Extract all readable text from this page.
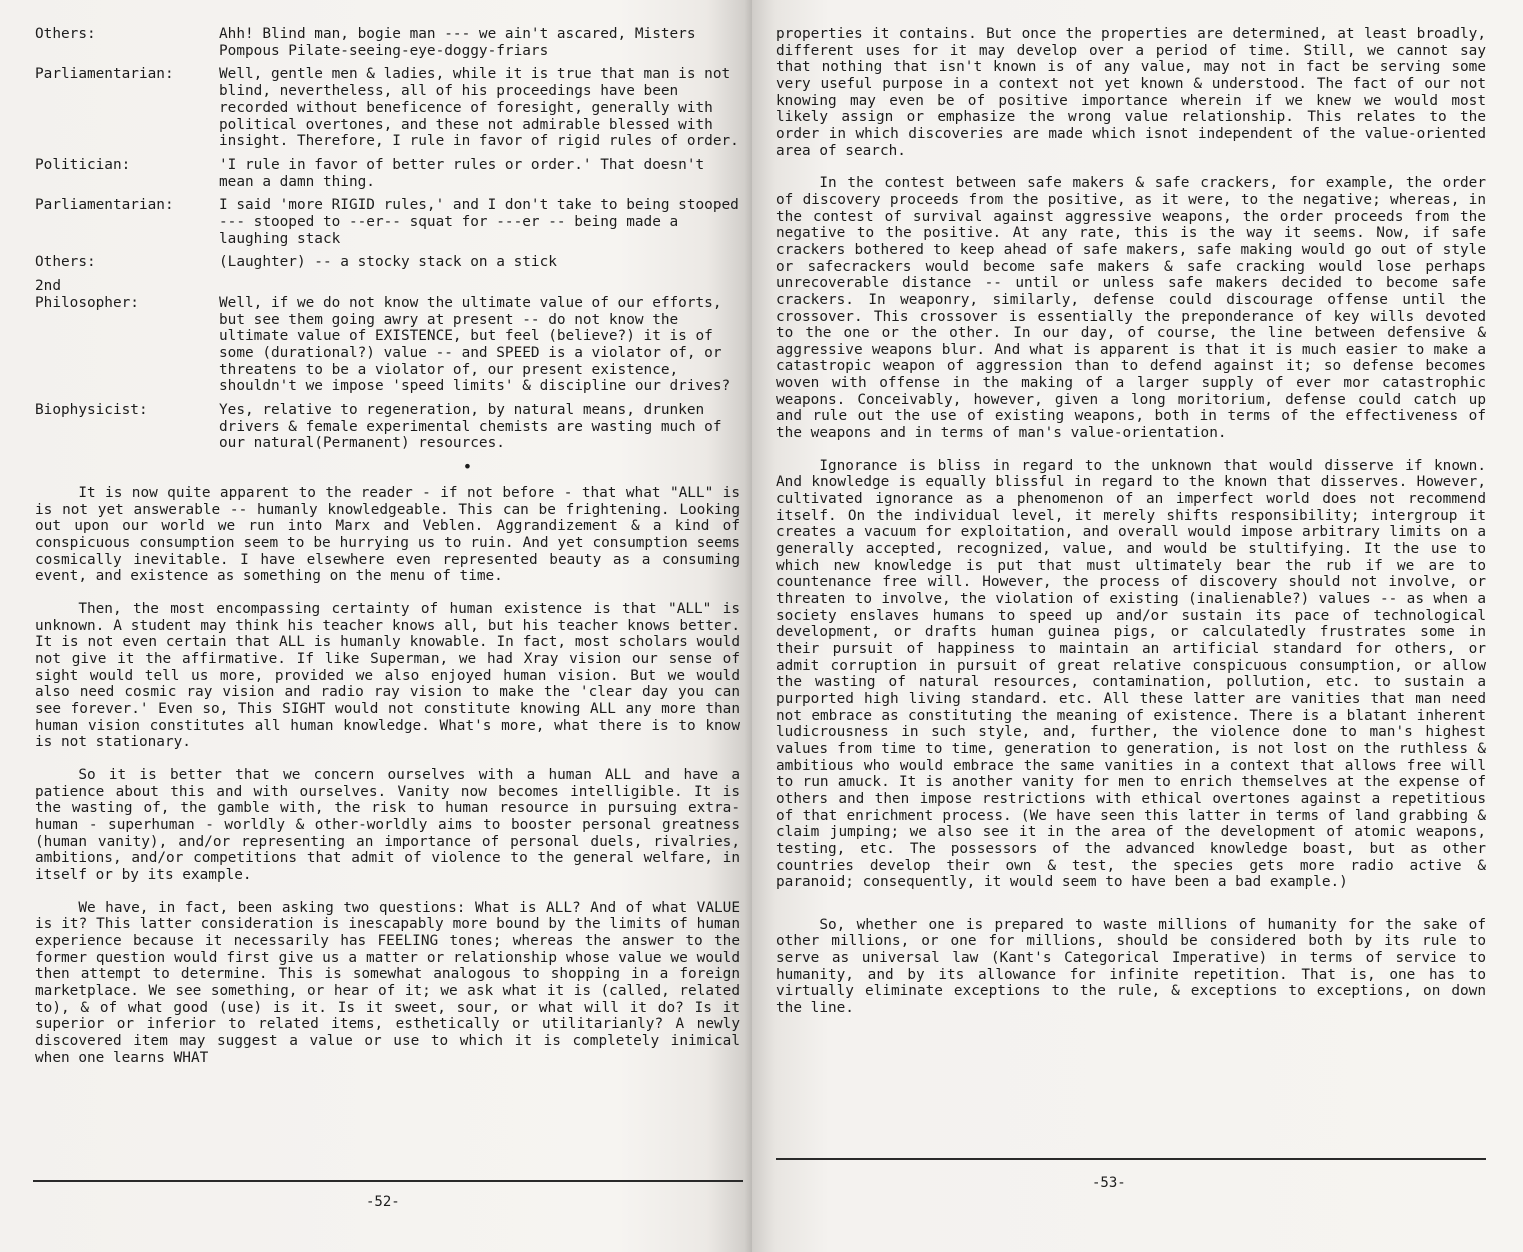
Others:	Ahh! Blind man, bogie man --- we ain't ascared, Misters Pompous Pilate-seeing-eye-doggy-friars
Parliamentarian:	Well, gentle men & ladies, while it is true that man is not blind, nevertheless, all of his proceedings have been recorded without beneficence of foresight, generally with political overtones, and these not admirable blessed with insight. Therefore, I rule in favor of rigid rules of order.
Politician:	'I rule in favor of better rules or order.' That doesn't mean a damn thing.
Parliamentarian:	I said 'more RIGID rules,' and I don't take to being stooped --- stooped to --er-- squat for ---er -- being made a laughing stack
Others:	(Laughter) -- a stocky stack on a stick
2nd Philosopher:	Well, if we do not know the ultimate value of our efforts, but see them going awry at present -- do not know the ultimate value of EXISTENCE, but feel (believe?) it is of some (durational?) value -- and SPEED is a violator of, or threatens to be a violator of, our present existence, shouldn't we impose 'speed limits' & discipline our drives?
Biophysicist:	Yes, relative to regeneration, by natural means, drunken drivers & female experimental chemists are wasting much of our natural(Permanent) resources.
•

It is now quite apparent to the reader - if not before - that what "ALL" is is not yet answerable -- humanly knowledgeable. This can be frightening. Looking out upon our world we run into Marx and Veblen. Aggrandizement & a kind of conspicuous consumption seem to be hurrying us to ruin. And yet consumption seems cosmically inevitable. I have elsewhere even represented beauty as a consuming event, and existence as something on the menu of time.

Then, the most encompassing certainty of human existence is that "ALL" is unknown. A student may think his teacher knows all, but his teacher knows better. It is not even certain that ALL is humanly knowable. In fact, most scholars would not give it the affirmative. If like Superman, we had Xray vision our sense of sight would tell us more, provided we also enjoyed human vision. But we would also need cosmic ray vision and radio ray vision to make the 'clear day you can see forever.' Even so, This SIGHT would not constitute knowing ALL any more than human vision constitutes all human knowledge. What's more, what there is to know is not stationary.

So it is better that we concern ourselves with a human ALL and have a patience about this and with ourselves. Vanity now becomes intelligible. It is the wasting of, the gamble with, the risk to human resource in pursuing extra-human - superhuman - worldly & other-worldly aims to booster personal greatness (human vanity), and/or representing an importance of personal duels, rivalries, ambitions, and/or competitions that admit of violence to the general welfare, in itself or by its example.

We have, in fact, been asking two questions: What is ALL? And of what VALUE is it? This latter consideration is inescapably more bound by the limits of human experience because it necessarily has FEELING tones; whereas the answer to the former question would first give us a matter or relationship whose value we would then attempt to determine. This is somewhat analogous to shopping in a foreign marketplace. We see something, or hear of it; we ask what it is (called, related to), & of what good (use) is it. Is it sweet, sour, or what will it do? Is it superior or inferior to related items, esthetically or utilitarianly? A newly discovered item may suggest a value or use to which it is completely inimical when one learns WHAT

-52-

properties it contains. But once the properties are determined, at least broadly, different uses for it may develop over a period of time. Still, we cannot say that nothing that isn't known is of any value, may not in fact be serving some very useful purpose in a context not yet known & understood. The fact of our not knowing may even be of positive importance wherein if we knew we would most likely assign or emphasize the wrong value relationship. This relates to the order in which discoveries are made which isnot independent of the value-oriented area of search.

In the contest between safe makers & safe crackers, for example, the order of discovery proceeds from the positive, as it were, to the negative; whereas, in the contest of survival against aggressive weapons, the order proceeds from the negative to the positive. At any rate, this is the way it seems. Now, if safe crackers bothered to keep ahead of safe makers, safe making would go out of style or safecrackers would become safe makers & safe cracking would lose perhaps unrecoverable distance -- until or unless safe makers decided to become safe crackers. In weaponry, similarly, defense could discourage offense until the crossover. This crossover is essentially the preponderance of key wills devoted to the one or the other. In our day, of course, the line between defensive & aggressive weapons blur. And what is apparent is that it is much easier to make a catastropic weapon of aggression than to defend against it; so defense becomes woven with offense in the making of a larger supply of ever mor catastrophic weapons. Conceivably, however, given a long moritorium, defense could catch up and rule out the use of existing weapons, both in terms of the effectiveness of the weapons and in terms of man's value-orientation.

Ignorance is bliss in regard to the unknown that would disserve if known. And knowledge is equally blissful in regard to the known that disserves. However, cultivated ignorance as a phenomenon of an imperfect world does not recommend itself. On the individual level, it merely shifts responsibility; intergroup it creates a vacuum for exploitation, and overall would impose arbitrary limits on a generally accepted, recognized, value, and would be stultifying. It the use to which new knowledge is put that must ultimately bear the rub if we are to countenance free will. However, the process of discovery should not involve, or threaten to involve, the violation of existing (inalienable?) values -- as when a society enslaves humans to speed up and/or sustain its pace of technological development, or drafts human guinea pigs, or calculatedly frustrates some in their pursuit of happiness to maintain an artificial standard for others, or admit corruption in pursuit of great relative conspicuous consumption, or allow the wasting of natural resources, contamination, pollution, etc. to sustain a purported high living standard. etc. All these latter are vanities that man need not embrace as constituting the meaning of existence. There is a blatant inherent ludicrousness in such style, and, further, the violence done to man's highest values from time to time, generation to generation, is not lost on the ruthless & ambitious who would embrace the same vanities in a context that allows free will to run amuck. It is another vanity for men to enrich themselves at the expense of others and then impose restrictions with ethical overtones against a repetitious of that enrichment process. (We have seen this latter in terms of land grabbing & claim jumping; we also see it in the area of the development of atomic weapons, testing, etc. The possessors of the advanced knowledge boast, but as other countries develop their own & test, the species gets more radio active & paranoid; consequently, it would seem to have been a bad example.)

So, whether one is prepared to waste millions of humanity for the sake of other millions, or one for millions, should be considered both by its rule to serve as universal law (Kant's Categorical Imperative) in terms of service to humanity, and by its allowance for infinite repetition. That is, one has to virtually eliminate exceptions to the rule, & exceptions to exceptions, on down the line.

-53-
